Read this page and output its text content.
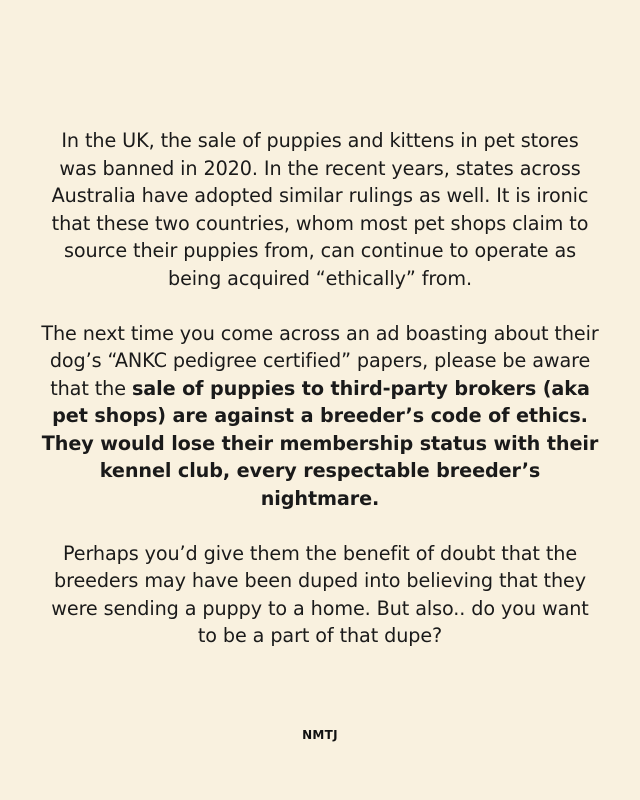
In the UK, the sale of puppies and kittens in pet stores was banned in 2020. In the recent years, states across Australia have adopted similar rulings as well. It is ironic that these two countries, whom most pet shops claim to source their puppies from, can continue to operate as being acquired “ethically” from.

The next time you come across an ad boasting about their dog’s “ANKC pedigree certified” papers, please be aware that the sale of puppies to third-party brokers (aka pet shops) are against a breeder’s code of ethics. They would lose their membership status with their kennel club, every respectable breeder’s nightmare.

Perhaps you’d give them the benefit of doubt that the breeders may have been duped into believing that they were sending a puppy to a home. But also.. do you want to be a part of that dupe?

NMTJ
